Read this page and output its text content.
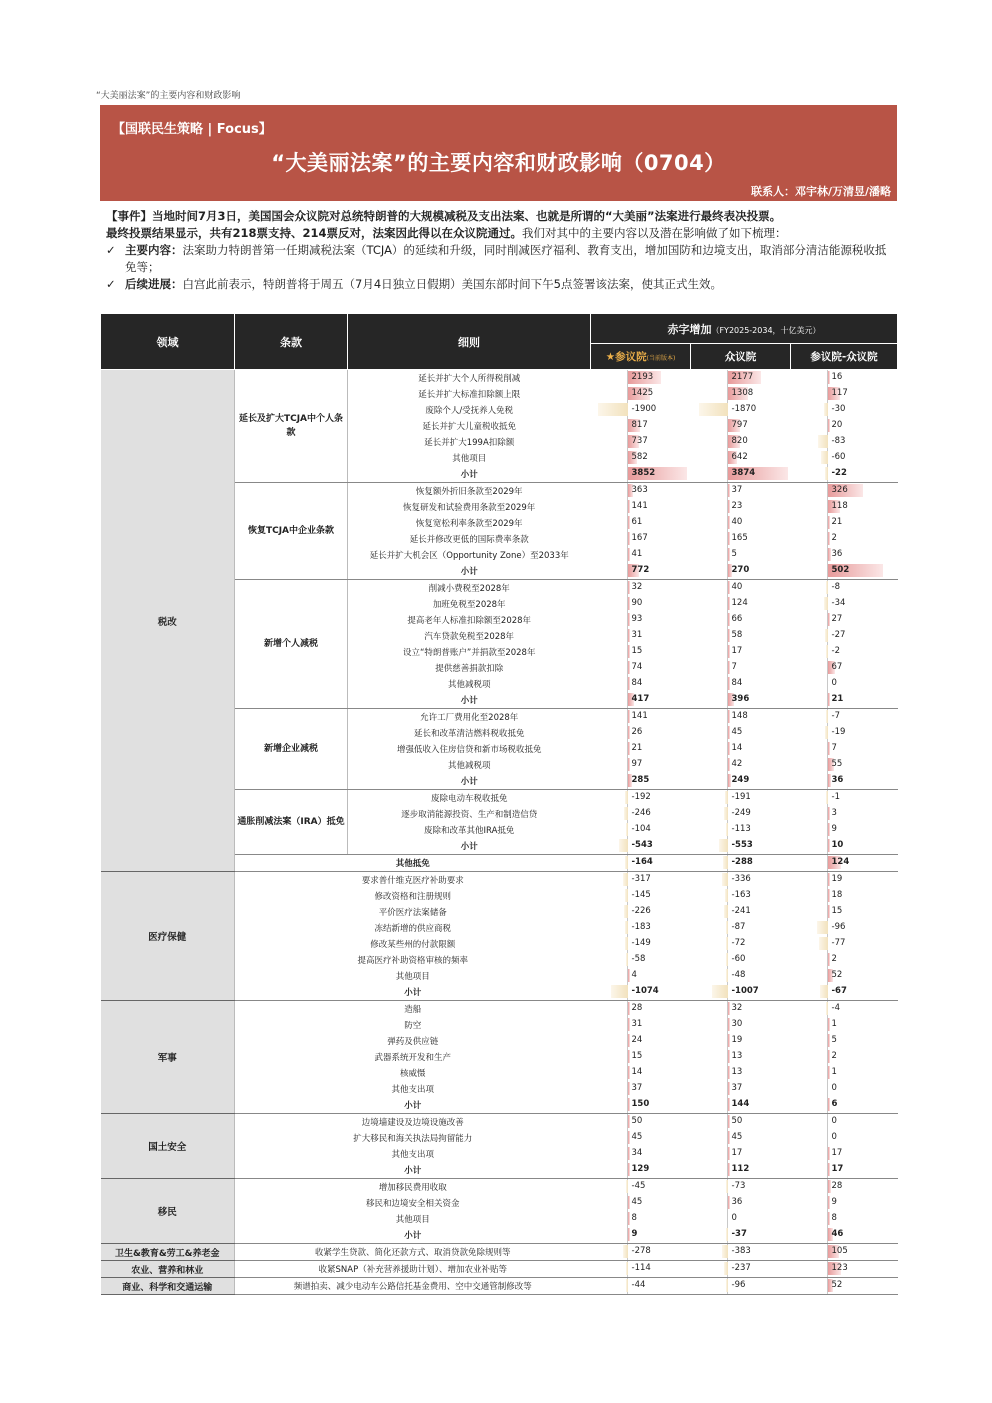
“大美丽法案”的主要内容和财政影响
【国联民生策略 | Focus】
“大美丽法案”的主要内容和财政影响（0704）
联系人：邓宇林/万清昱/潘略

【事件】当地时间7月3日，美国国会众议院对总统特朗普的大规模减税及支出法案、也就是所谓的“大美丽”法案进行最终表决投票。

最终投票结果显示，共有218票支持、214票反对，法案因此得以在众议院通过。我们对其中的主要内容以及潜在影响做了如下梳理：

✓ 主要内容：法案助力特朗普第一任期减税法案（TCJA）的延续和升级，同时削减医疗福利、教育支出，增加国防和边境支出，取消部分清洁能源税收抵免等；

✓ 后续进展：白宫此前表示，特朗普将于周五（7月4日独立日假期）美国东部时间下午5点签署该法案，使其正式生效。

领域	条款	细则	赤字增加（FY2025-2034，十亿美元）		
			★参议院(当前版本)	众议院	参议院-众议院
税改	延长及扩大TCJA中个人条款	延长并扩大个人所得税削减	2193	2177	16

		延长并扩大标准扣除额上限	1425	1308	117

		废除个人/受抚养人免税	-1900	-1870	-30

		延长并扩大儿童税收抵免	817	797	20

		延长并扩大199A扣除额	737	820	-83

		其他项目	582	642	-60

		小计	3852	3874	-22

	恢复TCJA中企业条款	恢复额外折旧条款至2029年	363	37	326

		恢复研发和试验费用条款至2029年	141	23	118

		恢复宽松利率条款至2029年	61	40	21

		延长并修改更低的国际费率条款	167	165	2

		延长并扩大机会区（Opportunity Zone）至2033年	41	5	36

		小计	772	270	502

	新增个人减税	削减小费税至2028年	32	40	-8

		加班免税至2028年	90	124	-34

		提高老年人标准扣除额至2028年	93	66	27

		汽车贷款免税至2028年	31	58	-27

		设立“特朗普账户”并捐款至2028年	15	17	-2

		提供慈善捐款扣除	74	7	67

		其他减税项	84	84	0

		小计	417	396	21

	新增企业减税	允许工厂费用化至2028年	141	148	-7

		延长和改革清洁燃料税收抵免	26	45	-19

		增强低收入住房信贷和新市场税收抵免	21	14	7

		其他减税项	97	42	55

		小计	285	249	36

	通胀削减法案（IRA）抵免	废除电动车税收抵免	-192	-191	-1

		逐步取消能源投资、生产和制造信贷	-246	-249	3

		废除和改革其他IRA抵免	-104	-113	9

		小计	-543	-553	10

	其他抵免		-164	-288	124

医疗保健	要求普什维克医疗补助要求		-317	-336	19

	修改资格和注册规则		-145	-163	18

	平价医疗法案储备		-226	-241	15

	冻结新增的供应商税		-183	-87	-96

	修改某些州的付款限额		-149	-72	-77

	提高医疗补助资格审核的频率		-58	-60	2

	其他项目		4	-48	52

	小计		-1074	-1007	-67

军事	造船		28	32	-4

	防空		31	30	1

	弹药及供应链		24	19	5

	武器系统开发和生产		15	13	2

	核威慑		14	13	1

	其他支出项		37	37	0

	小计		150	144	6

国土安全	边境墙建设及边境设施改善		50	50	0

	扩大移民和海关执法局拘留能力		45	45	0

	其他支出项		34	17	17

	小计		129	112	17

移民	增加移民费用收取		-45	-73	28

	移民和边境安全相关资金		45	36	9

	其他项目		8	0	8

	小计		9	-37	46

卫生&教育&劳工&养老金	收紧学生贷款、简化还款方式、取消贷款免除规则等		-278	-383	105

农业、营养和林业	收紧SNAP（补充营养援助计划）、增加农业补贴等		-114	-237	123

商业、科学和交通运输	频谱拍卖、减少电动车公路信托基金费用、空中交通管制修改等		-44	-96	52
